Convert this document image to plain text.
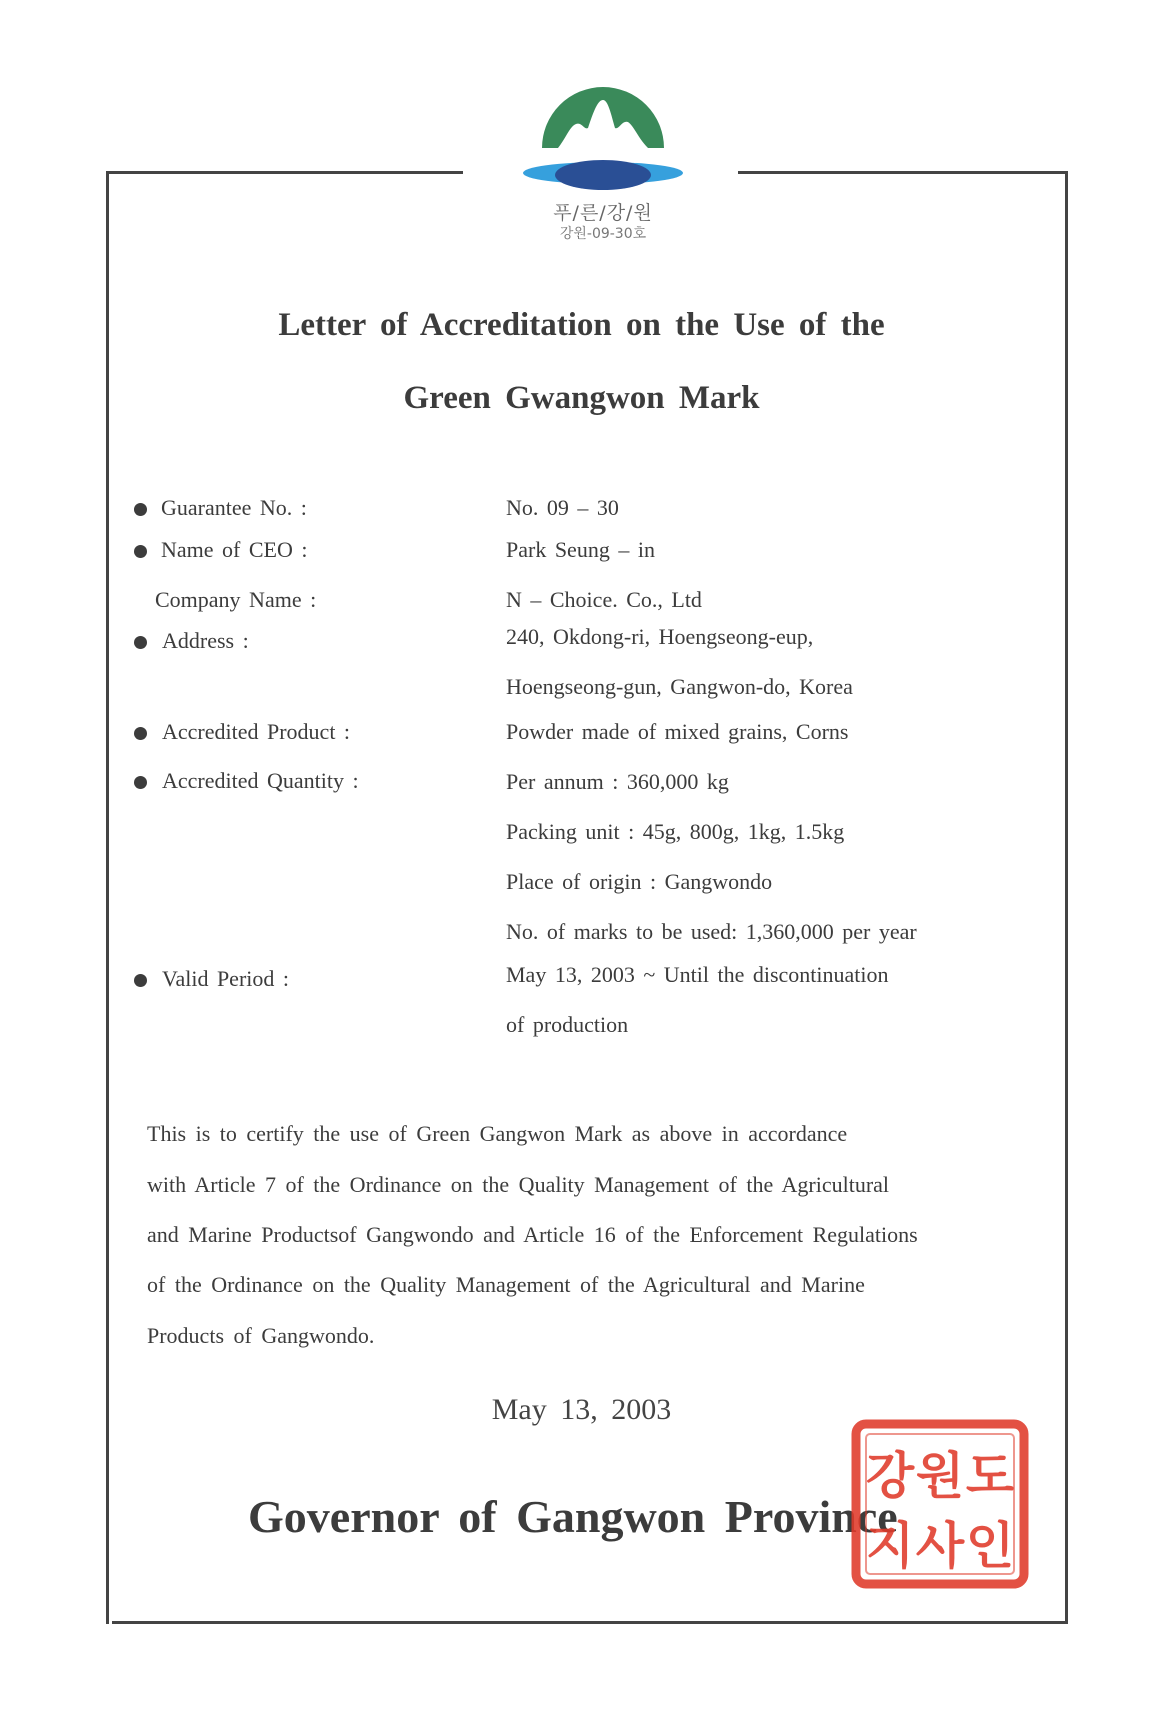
푸/른/강/원
강원-09-30호
Letter of Accreditation on the Use of the
Green Gwangwon Mark
Guarantee No. :	No. 09 – 30
Name of CEO :	Park Seung – in
Company Name :	N – Choice. Co., Ltd
Address :	240, Okdong-ri, Hoengseong-eup,
Hoengseong-gun, Gangwon-do, Korea
Accredited Product :	Powder made of mixed grains, Corns
Accredited Quantity :	Per annum : 360,000 kg
Packing unit : 45g, 800g, 1kg, 1.5kg
Place of origin : Gangwondo
No. of marks to be used: 1,360,000 per year
Valid Period :	May 13, 2003 ~ Until the discontinuation
of production
This is to certify the use of Green Gangwon Mark as above in accordance
with Article 7 of the Ordinance on the Quality Management of the Agricultural
and Marine Productsof Gangwondo and Article 16 of the Enforcement Regulations
of the Ordinance on the Quality Management of the Agricultural and Marine
Products of Gangwondo.
May 13, 2003
Governor of Gangwon Province
강 원 도
지 사 인
